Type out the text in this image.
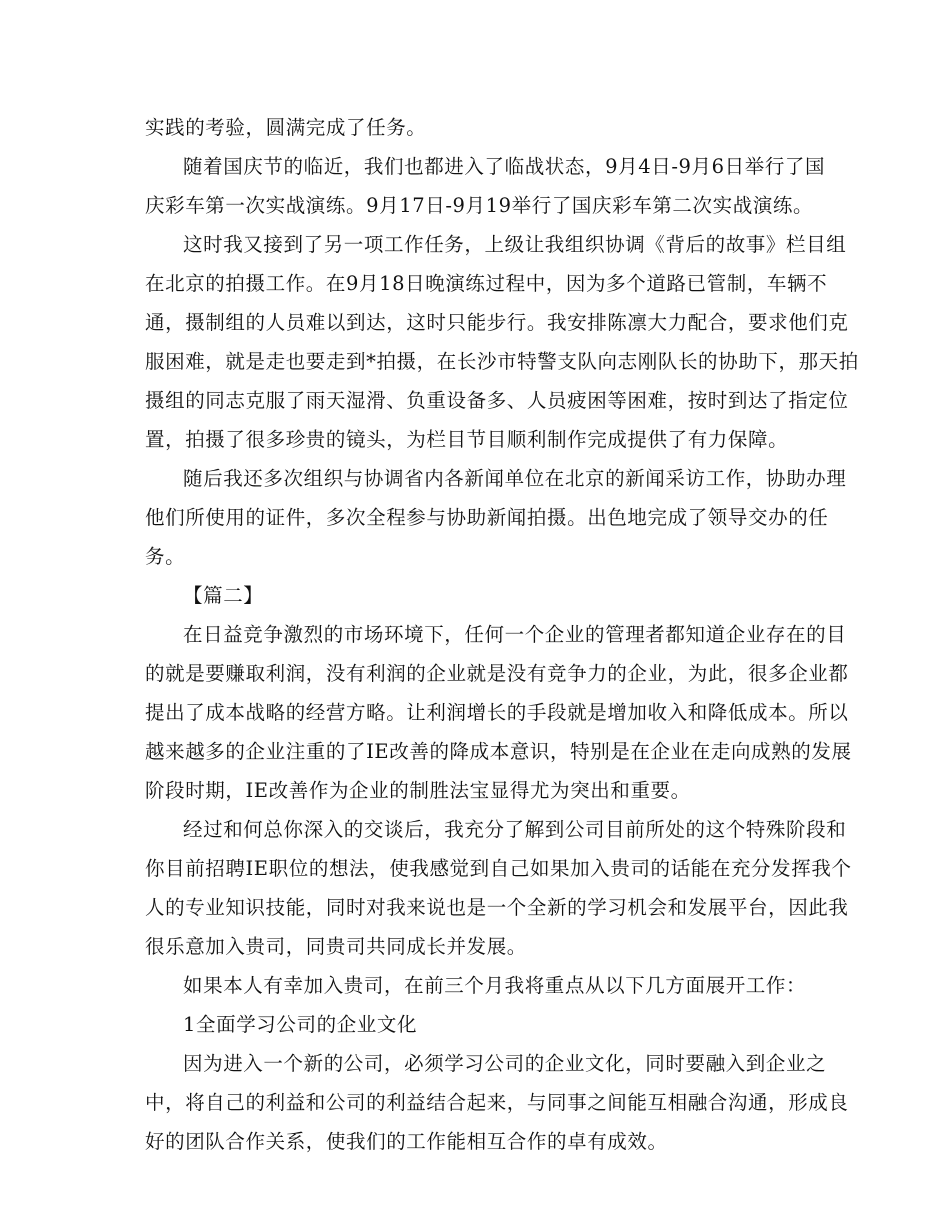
实践的考验，圆满完成了任务。
随着国庆节的临近，我们也都进入了临战状态，9月4日-9月6日举行了国
庆彩车第一次实战演练。9月17日-9月19举行了国庆彩车第二次实战演练。
这时我又接到了另一项工作任务，上级让我组织协调《背后的故事》栏目组
在北京的拍摄工作。在9月18日晚演练过程中，因为多个道路已管制，车辆不
通，摄制组的人员难以到达，这时只能步行。我安排陈凛大力配合，要求他们克
服困难，就是走也要走到*拍摄，在长沙市特警支队向志刚队长的协助下，那天拍
摄组的同志克服了雨天湿滑、负重设备多、人员疲困等困难，按时到达了指定位
置，拍摄了很多珍贵的镜头，为栏目节目顺利制作完成提供了有力保障。
随后我还多次组织与协调省内各新闻单位在北京的新闻采访工作，协助办理
他们所使用的证件，多次全程参与协助新闻拍摄。出色地完成了领导交办的任
务。
【篇二】
在日益竞争激烈的市场环境下，任何一个企业的管理者都知道企业存在的目
的就是要赚取利润，没有利润的企业就是没有竞争力的企业，为此，很多企业都
提出了成本战略的经营方略。让利润增长的手段就是增加收入和降低成本。所以
越来越多的企业注重的了IE改善的降成本意识，特别是在企业在走向成熟的发展
阶段时期，IE改善作为企业的制胜法宝显得尤为突出和重要。
经过和何总你深入的交谈后，我充分了解到公司目前所处的这个特殊阶段和
你目前招聘IE职位的想法，使我感觉到自己如果加入贵司的话能在充分发挥我个
人的专业知识技能，同时对我来说也是一个全新的学习机会和发展平台，因此我
很乐意加入贵司，同贵司共同成长并发展。
如果本人有幸加入贵司，在前三个月我将重点从以下几方面展开工作：
1全面学习公司的企业文化
因为进入一个新的公司，必须学习公司的企业文化，同时要融入到企业之
中，将自己的利益和公司的利益结合起来，与同事之间能互相融合沟通，形成良
好的团队合作关系，使我们的工作能相互合作的卓有成效。
